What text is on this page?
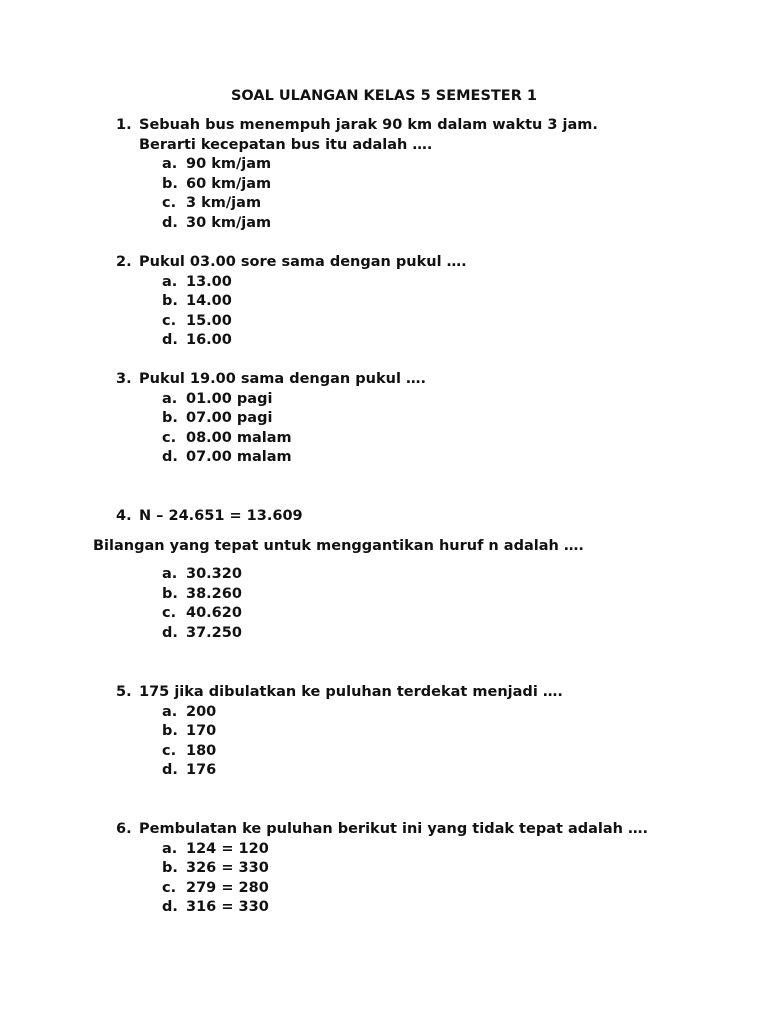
SOAL ULANGAN KELAS 5 SEMESTER 1
1. Sebuah bus menempuh jarak 90 km dalam waktu 3 jam. Berarti kecepatan bus itu adalah ….
a. 90 km/jam
b. 60 km/jam
c. 3 km/jam
d. 30 km/jam
2. Pukul 03.00 sore sama dengan pukul ….
a. 13.00
b. 14.00
c. 15.00
d. 16.00
3. Pukul 19.00 sama dengan pukul ….
a. 01.00 pagi
b. 07.00 pagi
c. 08.00 malam
d. 07.00 malam
4. N – 24.651 = 13.609
Bilangan yang tepat untuk menggantikan huruf n adalah ….
a. 30.320
b. 38.260
c. 40.620
d. 37.250
5. 175 jika dibulatkan ke puluhan terdekat menjadi ….
a. 200
b. 170
c. 180
d. 176
6. Pembulatan ke puluhan berikut ini yang tidak tepat adalah ….
a. 124 = 120
b. 326 = 330
c. 279 = 280
d. 316 = 330
